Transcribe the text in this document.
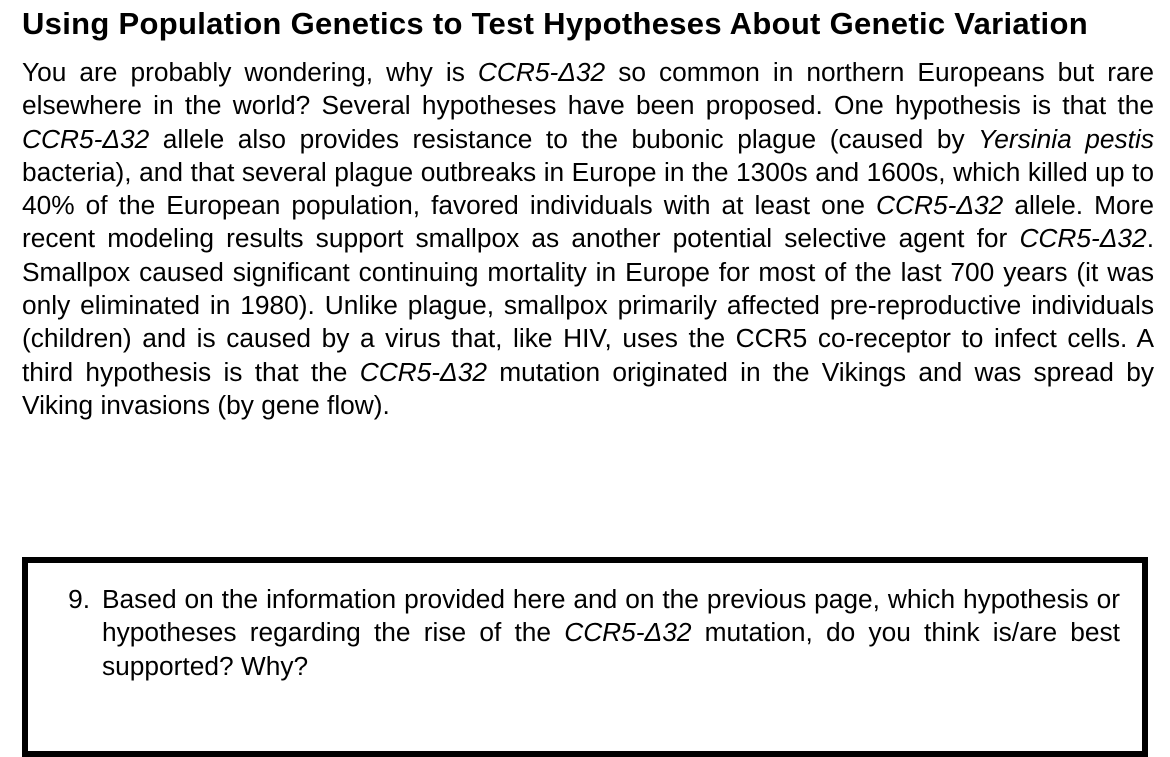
Using Population Genetics to Test Hypotheses About Genetic Variation

You are probably wondering, why is CCR5-Δ32 so common in northern Europeans but rare elsewhere in the world? Several hypotheses have been proposed. One hypothesis is that the CCR5-Δ32 allele also provides resistance to the bubonic plague (caused by Yersinia pestis bacteria), and that several plague outbreaks in Europe in the 1300s and 1600s, which killed up to 40% of the European population, favored individuals with at least one CCR5-Δ32 allele. More recent modeling results support smallpox as another potential selective agent for CCR5-Δ32. Smallpox caused significant continuing mortality in Europe for most of the last 700 years (it was only eliminated in 1980). Unlike plague, smallpox primarily affected pre-reproductive individuals (children) and is caused by a virus that, like HIV, uses the CCR5 co-receptor to infect cells. A third hypothesis is that the CCR5-Δ32 mutation originated in the Vikings and was spread by Viking invasions (by gene flow).

9. Based on the information provided here and on the previous page, which hypothesis or hypotheses regarding the rise of the CCR5-Δ32 mutation, do you think is/are best supported? Why?
